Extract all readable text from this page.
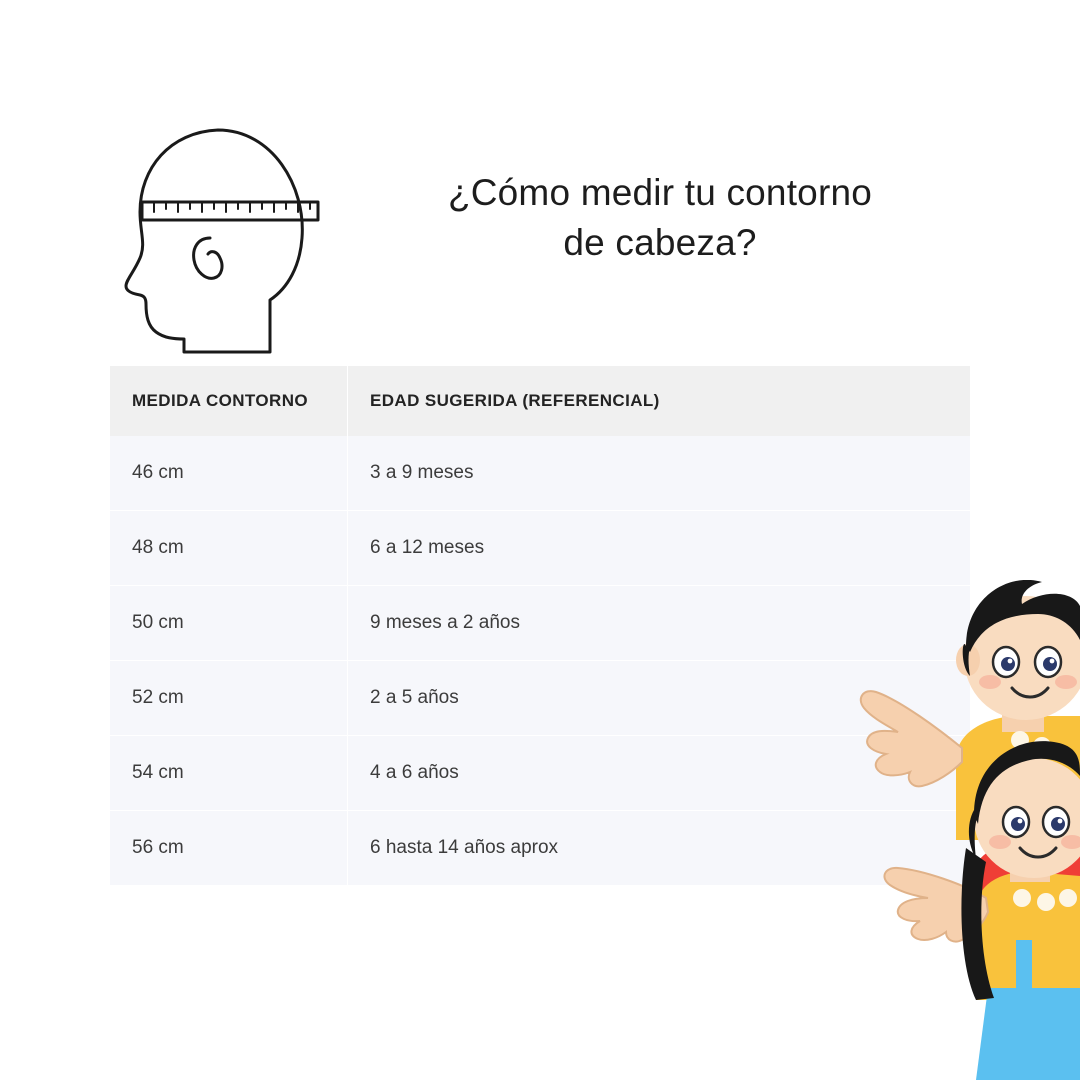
¿Cómo medir tu contorno
de cabeza?
MEDIDA CONTORNO	EDAD SUGERIDA (REFERENCIAL)
46 cm	3 a 9 meses
48 cm	6 a 12 meses
50 cm	9 meses a 2 años
52 cm	2 a 5 años
54 cm	4 a 6 años
56 cm	6 hasta 14 años aprox
